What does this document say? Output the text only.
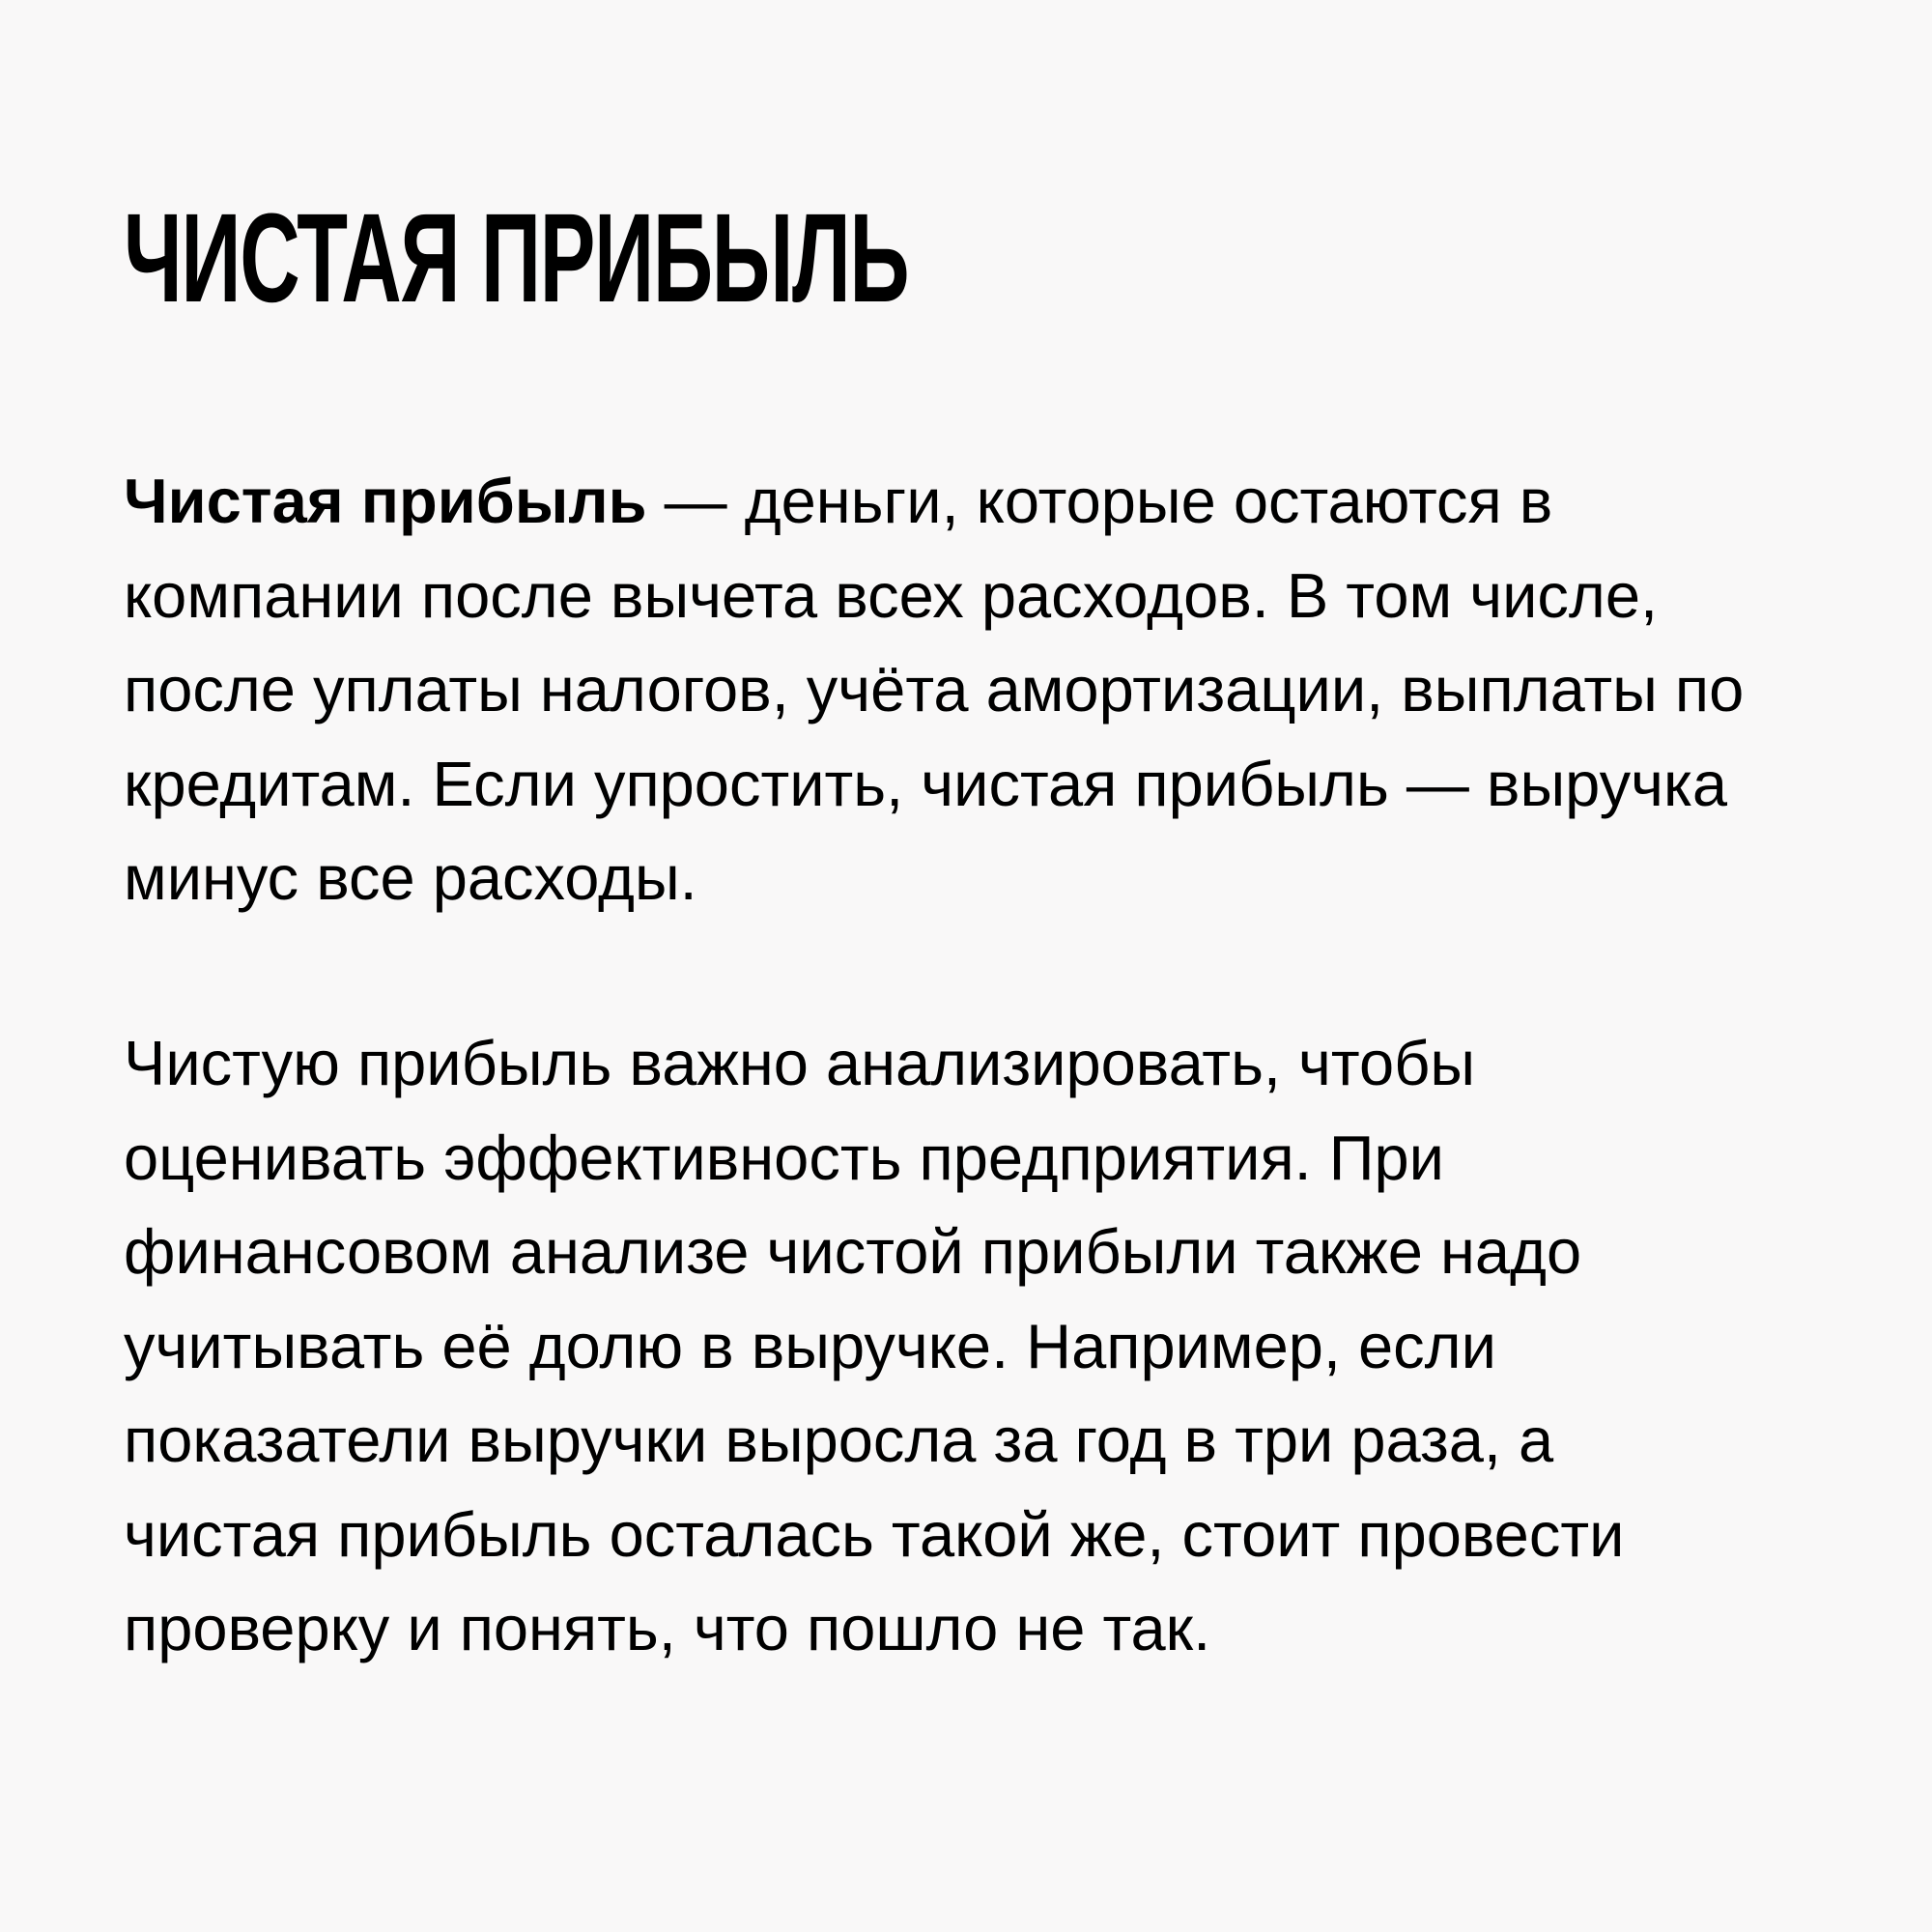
ЧИСТАЯ ПРИБЫЛЬ

Чистая прибыль — деньги, которые остаются в
компании после вычета всех расходов. В том числе,
после уплаты налогов, учёта амортизации, выплаты по
кредитам. Если упростить, чистая прибыль — выручка
минус все расходы.

Чистую прибыль важно анализировать, чтобы
оценивать эффективность предприятия. При
финансовом анализе чистой прибыли также надо
учитывать её долю в выручке. Например, если
показатели выручки выросла за год в три раза, а
чистая прибыль осталась такой же, стоит провести
проверку и понять, что пошло не так.
